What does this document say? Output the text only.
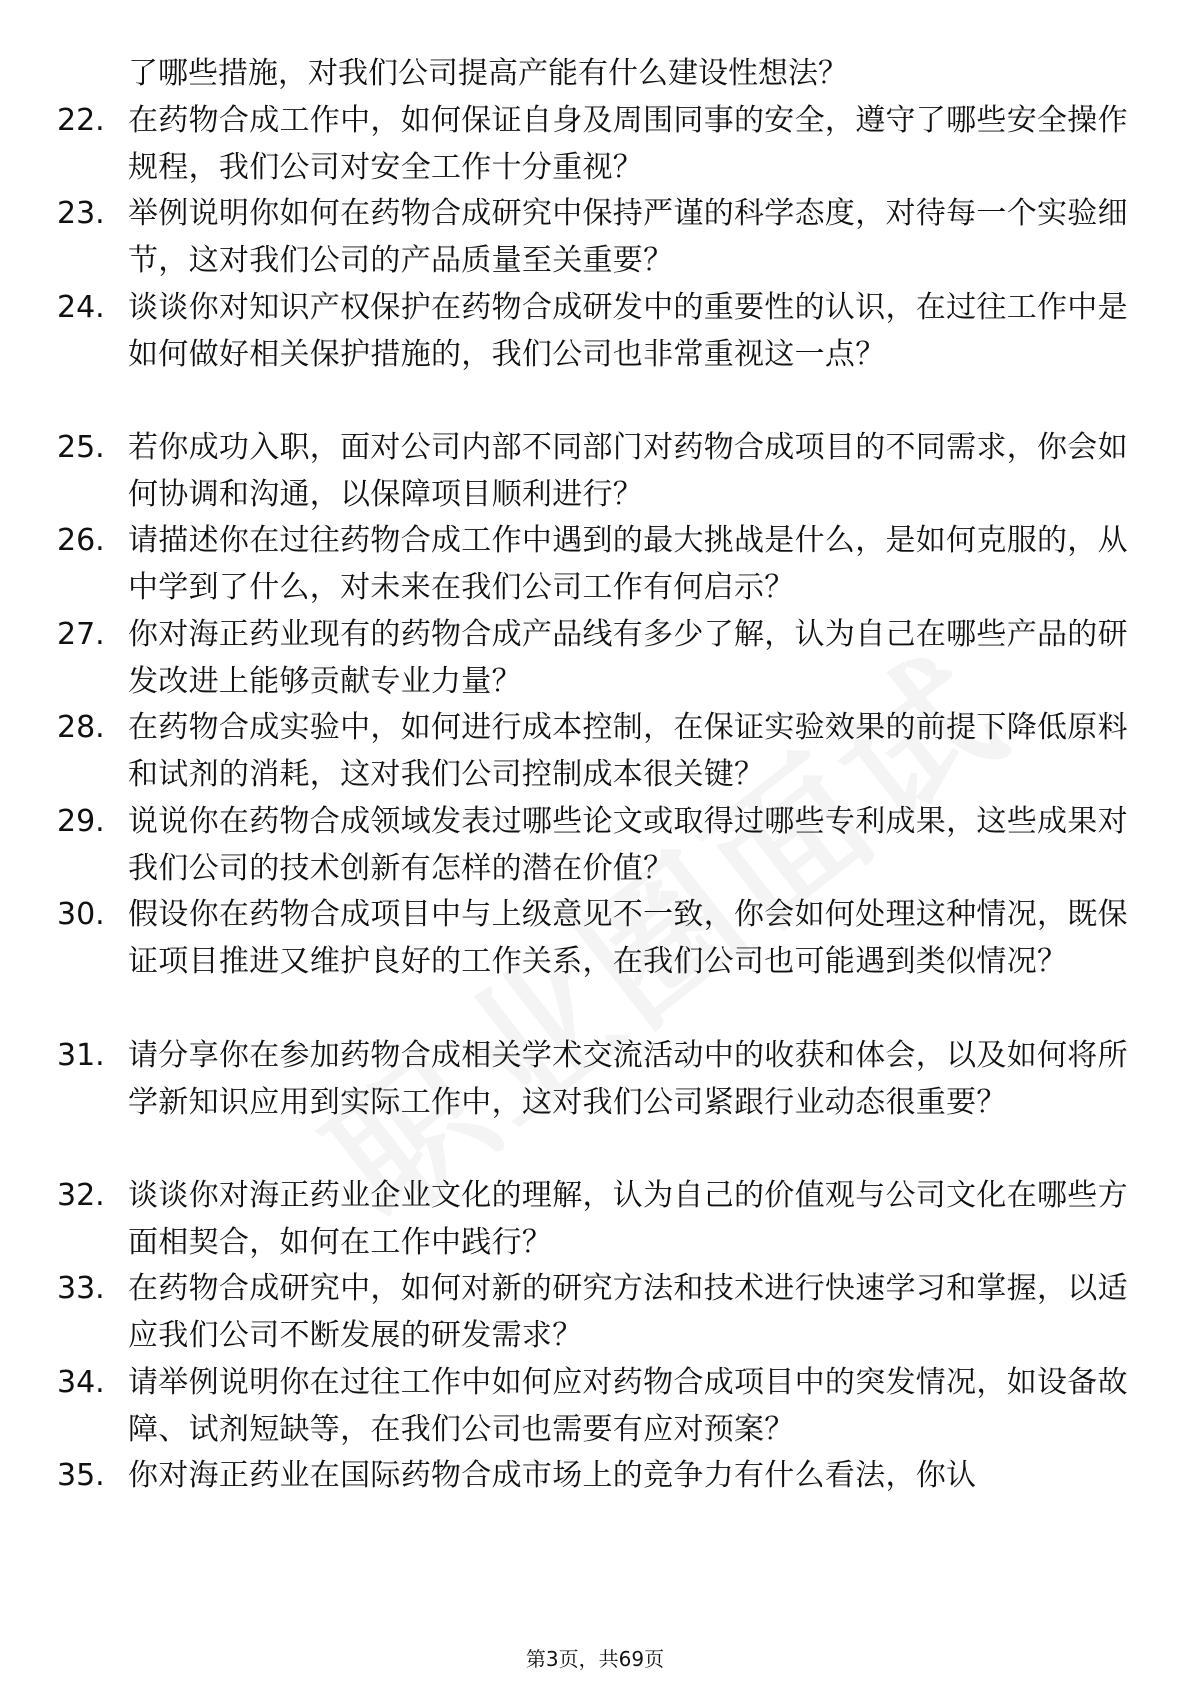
了哪些措施，对我们公司提高产能有什么建设性想法？
22. 在药物合成工作中，如何保证自身及周围同事的安全，遵守了哪些安全操作规程，我们公司对安全工作十分重视？
23. 举例说明你如何在药物合成研究中保持严谨的科学态度，对待每一个实验细节，这对我们公司的产品质量至关重要？
24. 谈谈你对知识产权保护在药物合成研发中的重要性的认识，在过往工作中是如何做好相关保护措施的，我们公司也非常重视这一点？
25. 若你成功入职，面对公司内部不同部门对药物合成项目的不同需求，你会如何协调和沟通，以保障项目顺利进行？
26. 请描述你在过往药物合成工作中遇到的最大挑战是什么，是如何克服的，从中学到了什么，对未来在我们公司工作有何启示？
27. 你对海正药业现有的药物合成产品线有多少了解，认为自己在哪些产品的研发改进上能够贡献专业力量？
28. 在药物合成实验中，如何进行成本控制，在保证实验效果的前提下降低原料和试剂的消耗，这对我们公司控制成本很关键？
29. 说说你在药物合成领域发表过哪些论文或取得过哪些专利成果，这些成果对我们公司的技术创新有怎样的潜在价值？
30. 假设你在药物合成项目中与上级意见不一致，你会如何处理这种情况，既保证项目推进又维护良好的工作关系，在我们公司也可能遇到类似情况？
31. 请分享你在参加药物合成相关学术交流活动中的收获和体会，以及如何将所学新知识应用到实际工作中，这对我们公司紧跟行业动态很重要？
32. 谈谈你对海正药业企业文化的理解，认为自己的价值观与公司文化在哪些方面相契合，如何在工作中践行？
33. 在药物合成研究中，如何对新的研究方法和技术进行快速学习和掌握，以适应我们公司不断发展的研发需求？
34. 请举例说明你在过往工作中如何应对药物合成项目中的突发情况，如设备故障、试剂短缺等，在我们公司也需要有应对预案？
35. 你对海正药业在国际药物合成市场上的竞争力有什么看法，你认
第3页，共69页
